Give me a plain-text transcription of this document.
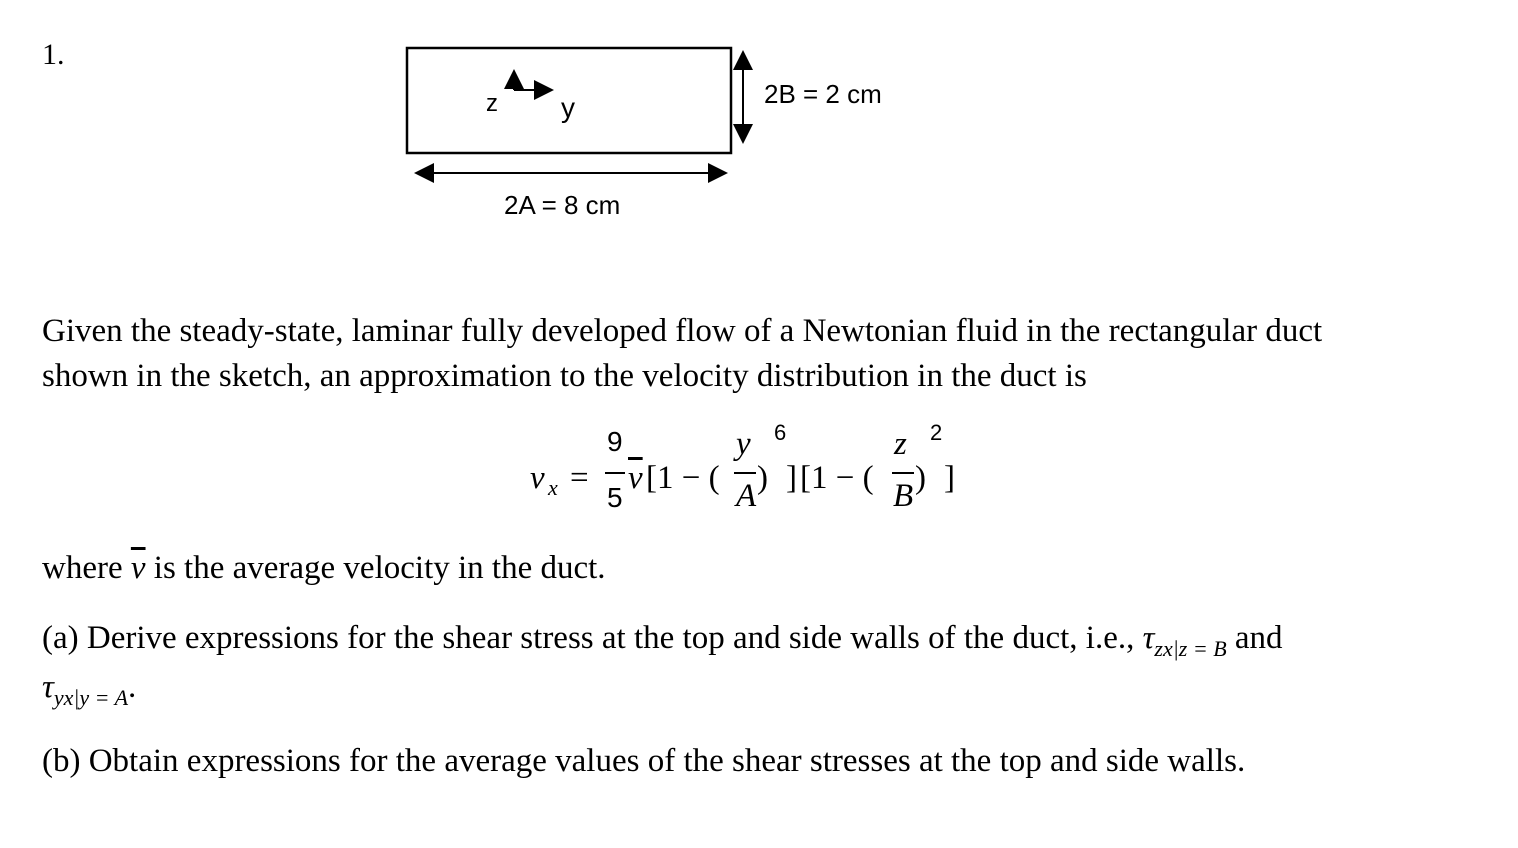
1.
z y	2B = 2 cm
2A = 8 cm
Given the steady-state, laminar fully developed flow of a Newtonian fluid in the rectangular duct
shown in the sketch, an approximation to the velocity distribution in the duct is
v x =
9
5
$\overline{v}$ [1 − (
y
A )
6
] [1 − (
z
B )
2
]
where $\overline{v}$ is the average velocity in the duct.
(a) Derive expressions for the shear stress at the top and side walls of the duct, i.e., $\tau_{zx|z = B}$ and
$\tau_{yx|y = A}$.
(b) Obtain expressions for the average values of the shear stresses at the top and side walls.
